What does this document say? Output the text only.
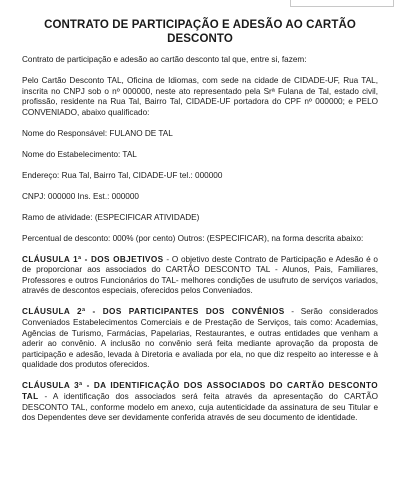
CONTRATO DE PARTICIPAÇÃO E ADESÃO AO CARTÃO DESCONTO

Contrato de participação e adesão ao cartão desconto tal que, entre si, fazem:

Pelo Cartão Desconto TAL, Oficina de Idiomas, com sede na cidade de CIDADE-UF, Rua TAL, inscrita no CNPJ sob o nº 000000, neste ato representado pela Srª Fulana de Tal, estado civil, profissão, residente na Rua Tal, Bairro Tal, CIDADE-UF portadora do CPF nº 000000; e PELO CONVENIADO, abaixo qualificado:

Nome do Responsável: FULANO DE TAL

Nome do Estabelecimento: TAL

Endereço: Rua Tal, Bairro Tal, CIDADE-UF tel.: 000000

CNPJ: 000000 Ins. Est.: 000000

Ramo de atividade: (ESPECIFICAR ATIVIDADE)

Percentual de desconto: 000% (por cento) Outros: (ESPECIFICAR), na forma descrita abaixo:

CLÁUSULA 1ª - DOS OBJETIVOS - O objetivo deste Contrato de Participação e Adesão é o de proporcionar aos associados do CARTÃO DESCONTO TAL - Alunos, Pais, Familiares, Professores e outros Funcionários do TAL- melhores condições de usufruto de serviços variados, através de descontos especiais, oferecidos pelos Conveniados.

CLÁUSULA 2ª - DOS PARTICIPANTES DOS CONVÊNIOS - Serão considerados Conveniados Estabelecimentos Comerciais e de Prestação de Serviços, tais como: Academias, Agências de Turismo, Farmácias, Papelarias, Restaurantes, e outras entidades que venham a aderir ao convênio. A inclusão no convênio será feita mediante aprovação da proposta de participação e adesão, levada à Diretoria e avaliada por ela, no que diz respeito ao interesse e à qualidade dos produtos oferecidos.

CLÁUSULA 3ª - DA IDENTIFICAÇÃO DOS ASSOCIADOS DO CARTÃO DESCONTO TAL - A identificação dos associados será feita através da apresentação do CARTÃO DESCONTO TAL, conforme modelo em anexo, cuja autenticidade da assinatura de seu Titular e dos Dependentes deve ser devidamente conferida através de seu documento de identidade.
